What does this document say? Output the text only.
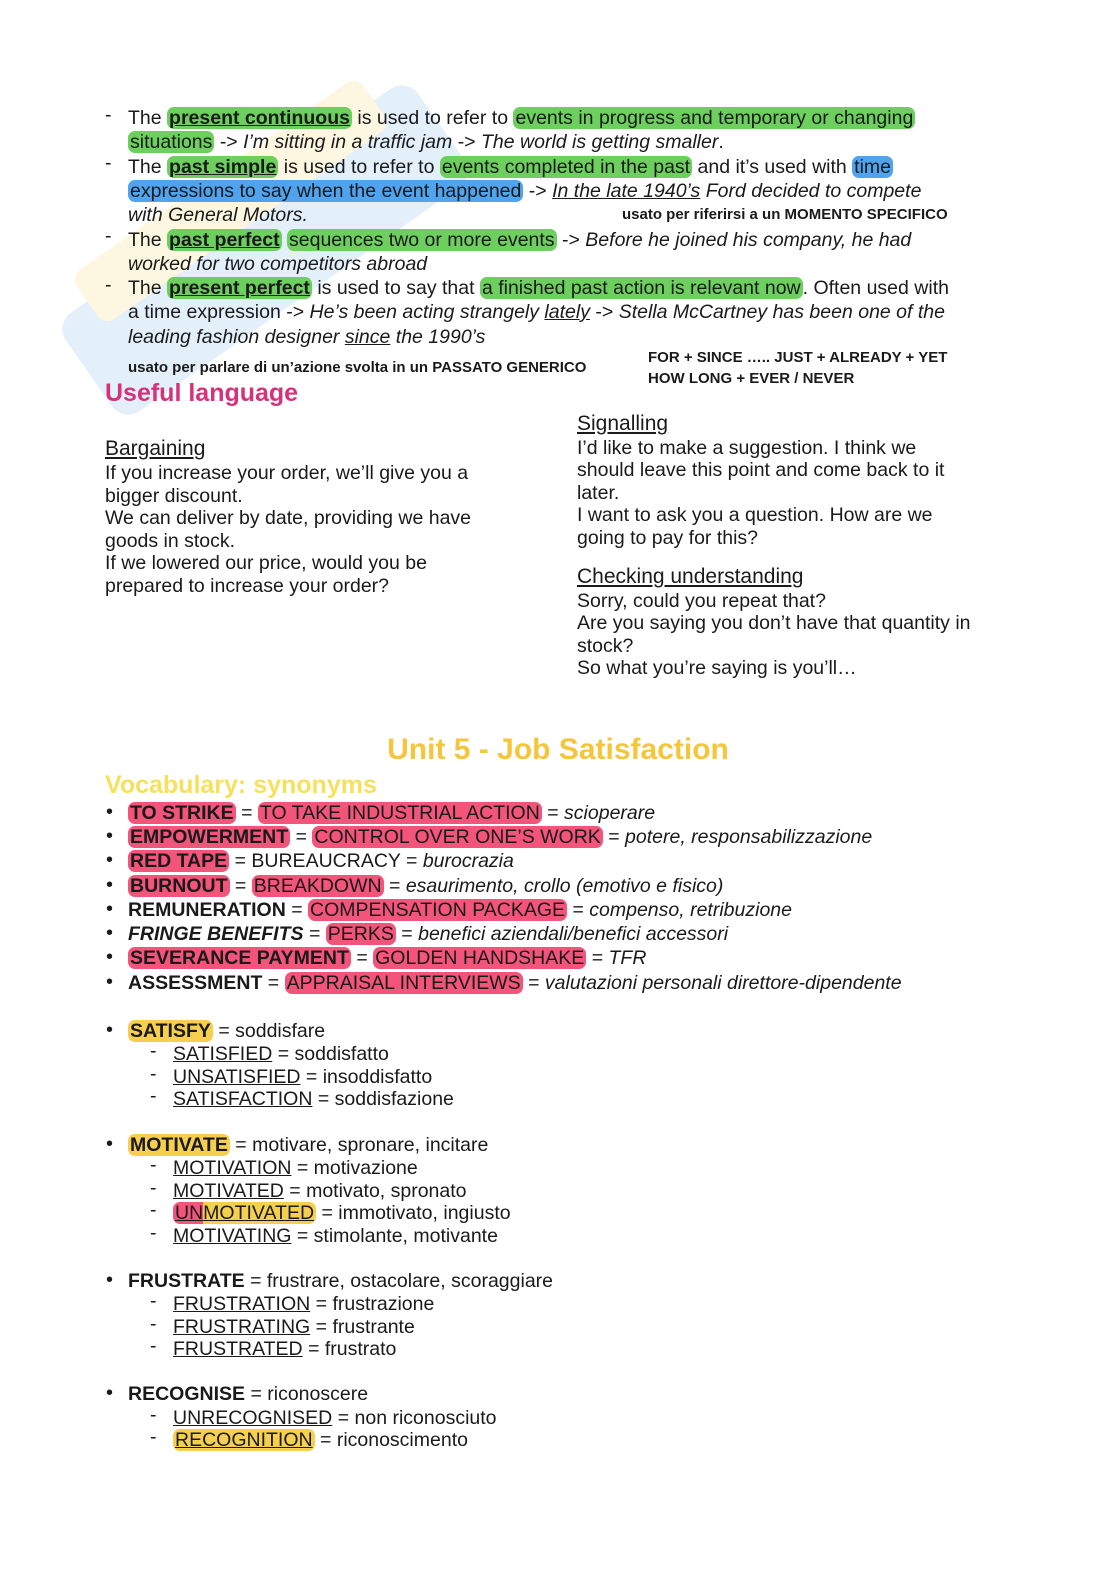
- The present continuous is used to refer to events in progress and temporary or changing
situations -> I’m sitting in a traffic jam -> The world is getting smaller.
- The past simple is used to refer to events completed in the past and it’s used with time
expressions to say when the event happened -> In the late 1940’s Ford decided to compete
with General Motors.	usato per riferirsi a un MOMENTO SPECIFICO
- The past perfect sequences two or more events -> Before he joined his company, he had
worked for two competitors abroad
- The present perfect is used to say that a finished past action is relevant now . Often used with
a time expression -> He’s been acting strangely lately -> Stella McCartney has been one of the
leading fashion designer since the 1990’s
usato per parlare di un’azione svolta in un PASSATO GENERICO
FOR + SINCE ….. JUST + ALREADY + YET
HOW LONG + EVER / NEVER
Useful language
Bargaining
If you increase your order, we’ll give you a
bigger discount.
We can deliver by date, providing we have
goods in stock.
If we lowered our price, would you be
prepared to increase your order?
Signalling
I’d like to make a suggestion. I think we
should leave this point and come back to it
later.
I want to ask you a question. How are we
going to pay for this?
Checking understanding
Sorry, could you repeat that?
Are you saying you don’t have that quantity in
stock?
So what you’re saying is you’ll…
Unit 5 - Job Satisfaction
Vocabulary: synonyms
• TO STRIKE = TO TAKE INDUSTRIAL ACTION = scioperare
• EMPOWERMENT = CONTROL OVER ONE’S WORK = potere, responsabilizzazione
• RED TAPE = BUREAUCRACY = burocrazia
• BURNOUT = BREAKDOWN = esaurimento, crollo (emotivo e fisico)
• REMUNERATION = COMPENSATION PACKAGE = compenso, retribuzione
• FRINGE BENEFITS = PERKS = benefici aziendali/benefici accessori
• SEVERANCE PAYMENT = GOLDEN HANDSHAKE = TFR
• ASSESSMENT = APPRAISAL INTERVIEWS = valutazioni personali direttore-dipendente
• SATISFY = soddisfare
- SATISFIED = soddisfatto
- UNSATISFIED = insoddisfatto
- SATISFACTION = soddisfazione
• MOTIVATE = motivare, spronare, incitare
- MOTIVATION = motivazione
- MOTIVATED = motivato, spronato
- UNMOTIVATED = immotivato, ingiusto
- MOTIVATING = stimolante, motivante
• FRUSTRATE = frustrare, ostacolare, scoraggiare
- FRUSTRATION = frustrazione
- FRUSTRATING = frustrante
- FRUSTRATED = frustrato
• RECOGNISE = riconoscere
- UNRECOGNISED = non riconosciuto
- RECOGNITION = riconoscimento
